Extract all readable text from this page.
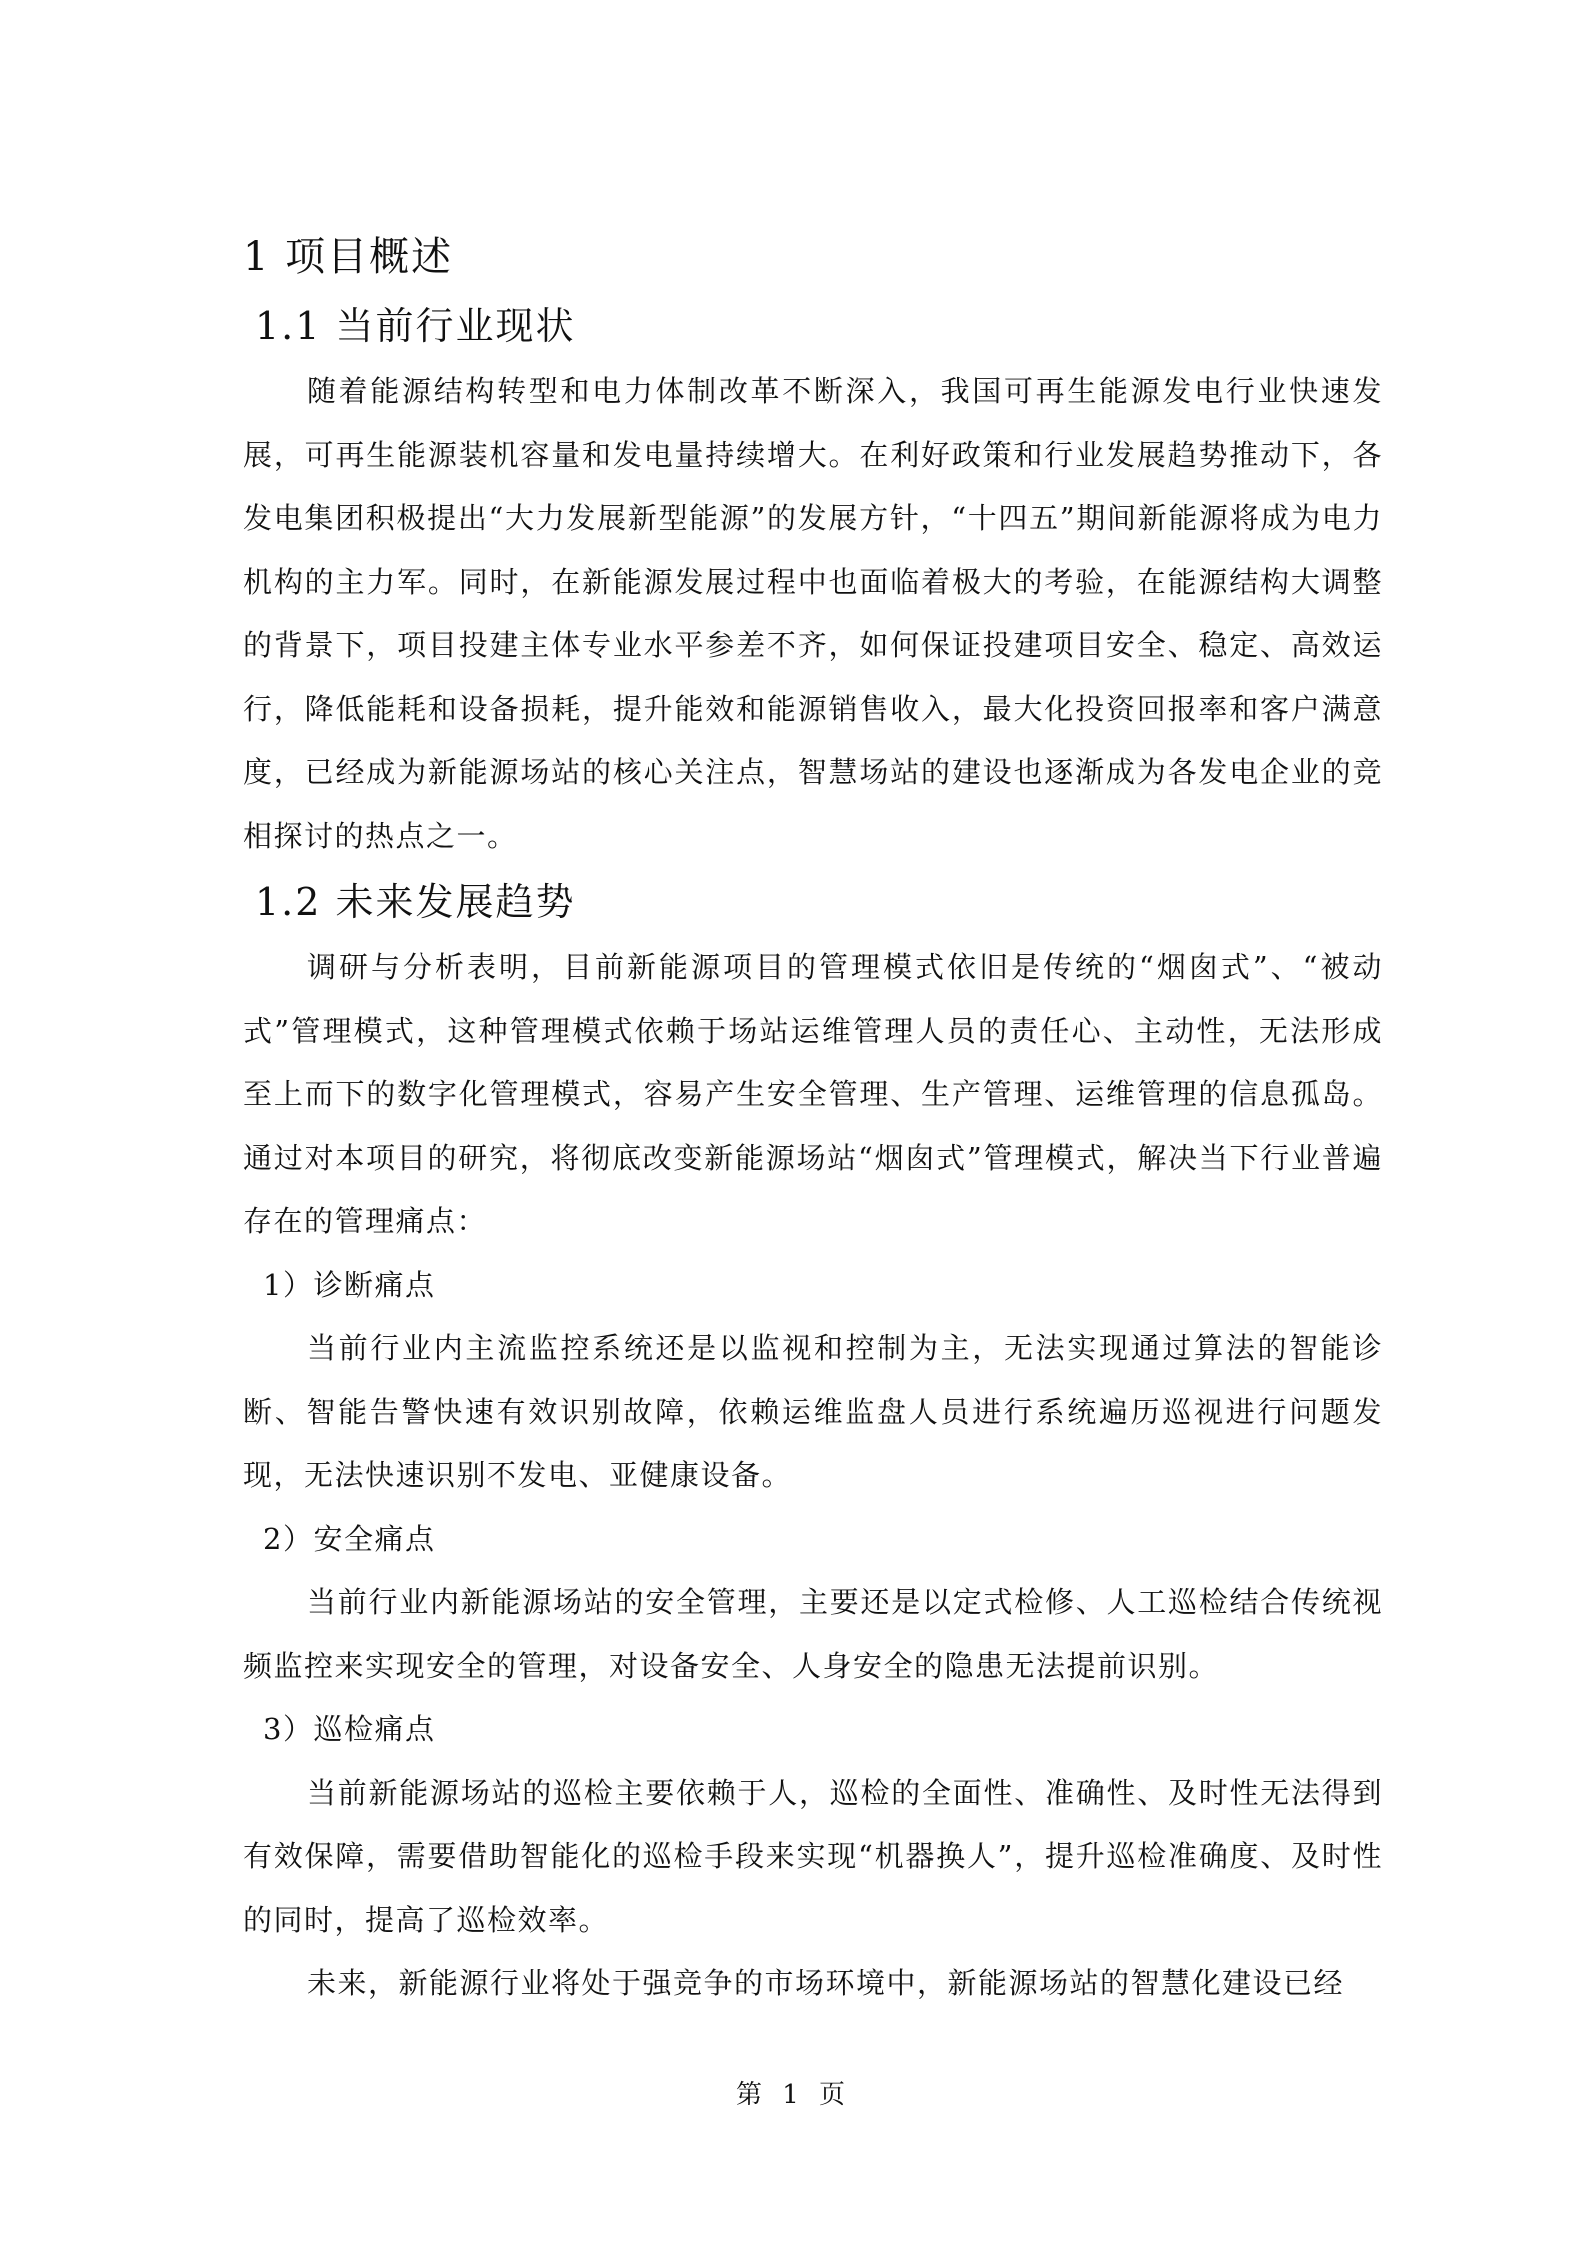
1 项目概述
1.1 当前行业现状

随着能源结构转型和电力体制改革不断深入，我国可再生能源发电行业快速发展，可再生能源装机容量和发电量持续增大。在利好政策和行业发展趋势推动下，各发电集团积极提出“大力发展新型能源”的发展方针，“十四五”期间新能源将成为电力机构的主力军。同时，在新能源发展过程中也面临着极大的考验，在能源结构大调整的背景下，项目投建主体专业水平参差不齐，如何保证投建项目安全、稳定、高效运行，降低能耗和设备损耗，提升能效和能源销售收入，最大化投资回报率和客户满意度，已经成为新能源场站的核心关注点，智慧场站的建设也逐渐成为各发电企业的竞相探讨的热点之一。

1.2 未来发展趋势

调研与分析表明，目前新能源项目的管理模式依旧是传统的“烟囱式”、“被动式”管理模式，这种管理模式依赖于场站运维管理人员的责任心、主动性，无法形成至上而下的数字化管理模式，容易产生安全管理、生产管理、运维管理的信息孤岛。通过对本项目的研究，将彻底改变新能源场站“烟囱式”管理模式，解决当下行业普遍存在的管理痛点：

1）诊断痛点

当前行业内主流监控系统还是以监视和控制为主，无法实现通过算法的智能诊断、智能告警快速有效识别故障，依赖运维监盘人员进行系统遍历巡视进行问题发现，无法快速识别不发电、亚健康设备。

2）安全痛点

当前行业内新能源场站的安全管理，主要还是以定式检修、人工巡检结合传统视频监控来实现安全的管理，对设备安全、人身安全的隐患无法提前识别。

3）巡检痛点

当前新能源场站的巡检主要依赖于人，巡检的全面性、准确性、及时性无法得到有效保障，需要借助智能化的巡检手段来实现“机器换人”，提升巡检准确度、及时性的同时，提高了巡检效率。

未来，新能源行业将处于强竞争的市场环境中，新能源场站的智慧化建设已经

第 1 页
